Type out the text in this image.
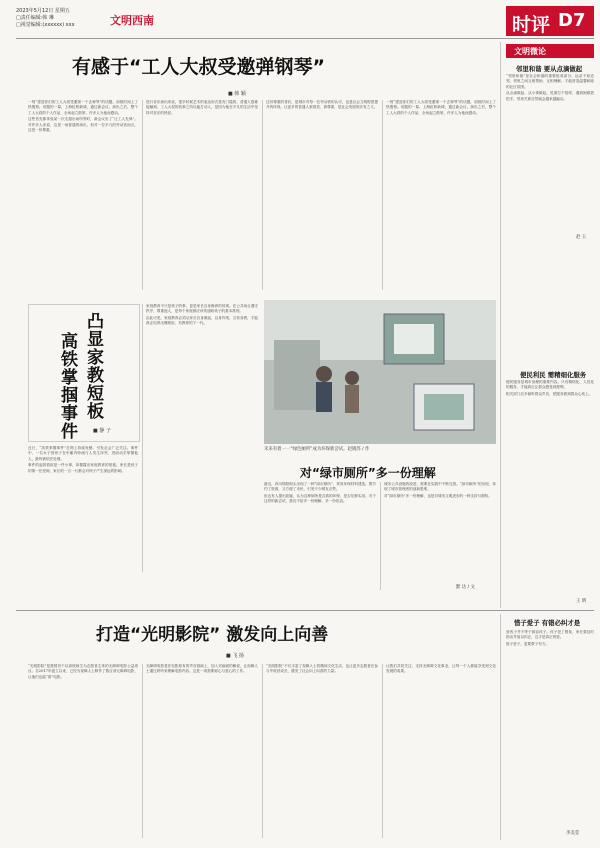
2023年5月12日 星期五
□责任编辑:韩 琳
□视觉编辑:(xxxxxx) xxx	文明西南	时评 D7
有感于“工人大叔受邀弹钢琴”
■ 韩 颖
一则“建造你们的工人大叔受邀第一个去弹琴”的话题，前段时间上了热搜榜。话题的一幕，上海虹桥新城，通过新会议，演出之后，整个工人大叔的个人作品，全场起立鼓掌，许多人为他而感动。
这些首先都体验某一次走超出场所等时，新会议出了“让工人先弹”。对许多人来说，这是一场普通的演出，但对一位平凡的劳动者而言，这是一份尊重。
进行音乐演出来说，很多时候艺术的表达形式是有门槛的，普通人很难接触到。工人大叔的故事之所以能打动人，是因为他在平凡的生活中坚持对音乐的热爱。
这份尊重的背后，是城市对每一位劳动者的认可，也是社会文明程度提升的体现。让更多的普通人被看见、被尊重，是社会发展的应有之义。
一则“建造你们的工人大叔受邀第一个去弹琴”的话题，前段时间上了热搜榜。话题的一幕，上海虹桥新城，通过新会议，演出之后，整个工人大叔的个人作品，全场起立鼓掌，许多人为他而感动。
凸显家教短板
高铁掌掴事件	■ 静 子
近日，“高铁掌掴事件”在网上持续发酵，引发社会广泛关注。事件中，一名女子因孩子在车厢内吵闹与人发生冲突，进而动手掌掴他人，最终被依法处理。
事件的起因看似是一件小事，却暴露出家庭教育的短板。家长是孩子的第一任老师，家长的一言一行都会对孩子产生深远的影响。
家庭教育不只是孩子的事，更是家长自身修养的体现。在公共场合遵守秩序、尊重他人，是每个家庭都应该传递给孩子的基本准则。
由此可见，家庭教育必须从家长自身做起，以身作则，言传身教，才能真正培养出懂规矩、有教养的下一代。
未来有着一一“绿色厕所”成为环保新尝试。赵晓苏 / 作
对“绿市厕所”多一份理解
最近，四川绵阳街头出现了一种“绿市厕所”，采用环保材料建造，既节约了资源，又方便了市民，引发不少网友点赞。
但也有人提出质疑，认为这种厕所是否真的环保、是否足够实用。对于这样的新尝试，我们不妨多一份理解，多一份包容。
城市公共设施的改进，需要在实践中不断完善。“绿市厕所”的出现，体现了城市管理者的创新思维。
对“绿市厕所”多一份理解，也是对城市文明进步的一种支持与期待。
默 达 / 文
文明微论
邻里和谐 要从点滴做起
“邻里和谐”是社会和谐的重要组成部分。远亲不如近邻，邻里之间互相帮助、互相理解，才能营造温馨和睦的社区氛围。
从点滴做起，从小事做起，见面打个招呼，遇到困难搭把手，邻里关系自然就会越来越融洽。
赵 玉
便民利民 需精细化服务
便民服务是城市治理的重要内容。只有精细化、人性化的服务，才能真正让群众感受到便利。
相关部门应多倾听群众声音，把服务做到群众心坎上。
王 明
惜子爱子 有错必纠才是
爱孩子并不等于纵容孩子。孩子犯了错误，家长要及时指出并加以纠正，这才是真正的爱。
惜子爱子，更要教子有方。
李美莹
打造“光明影院” 激发向上向善
■ 飞 扬
“光明影院”是我国首个以高校师生为志愿者主体的无障碍电影公益项目。自2017年创立以来，已经为视障人士制作了数百部无障碍电影，让他们也能“看”电影。
无障碍电影是在电影原有的声音基础上，加入对画面的解说，让视障人士通过聆听来理解电影内容。这是一项需要耐心与爱心的工作。
“光明影院”不仅丰富了视障人士的精神文化生活，也让更多志愿者在参与中收获成长，激发了社会向上向善的力量。
让我们共同关注、支持无障碍文化事业，让每一个人都能享受到文化发展的成果。
